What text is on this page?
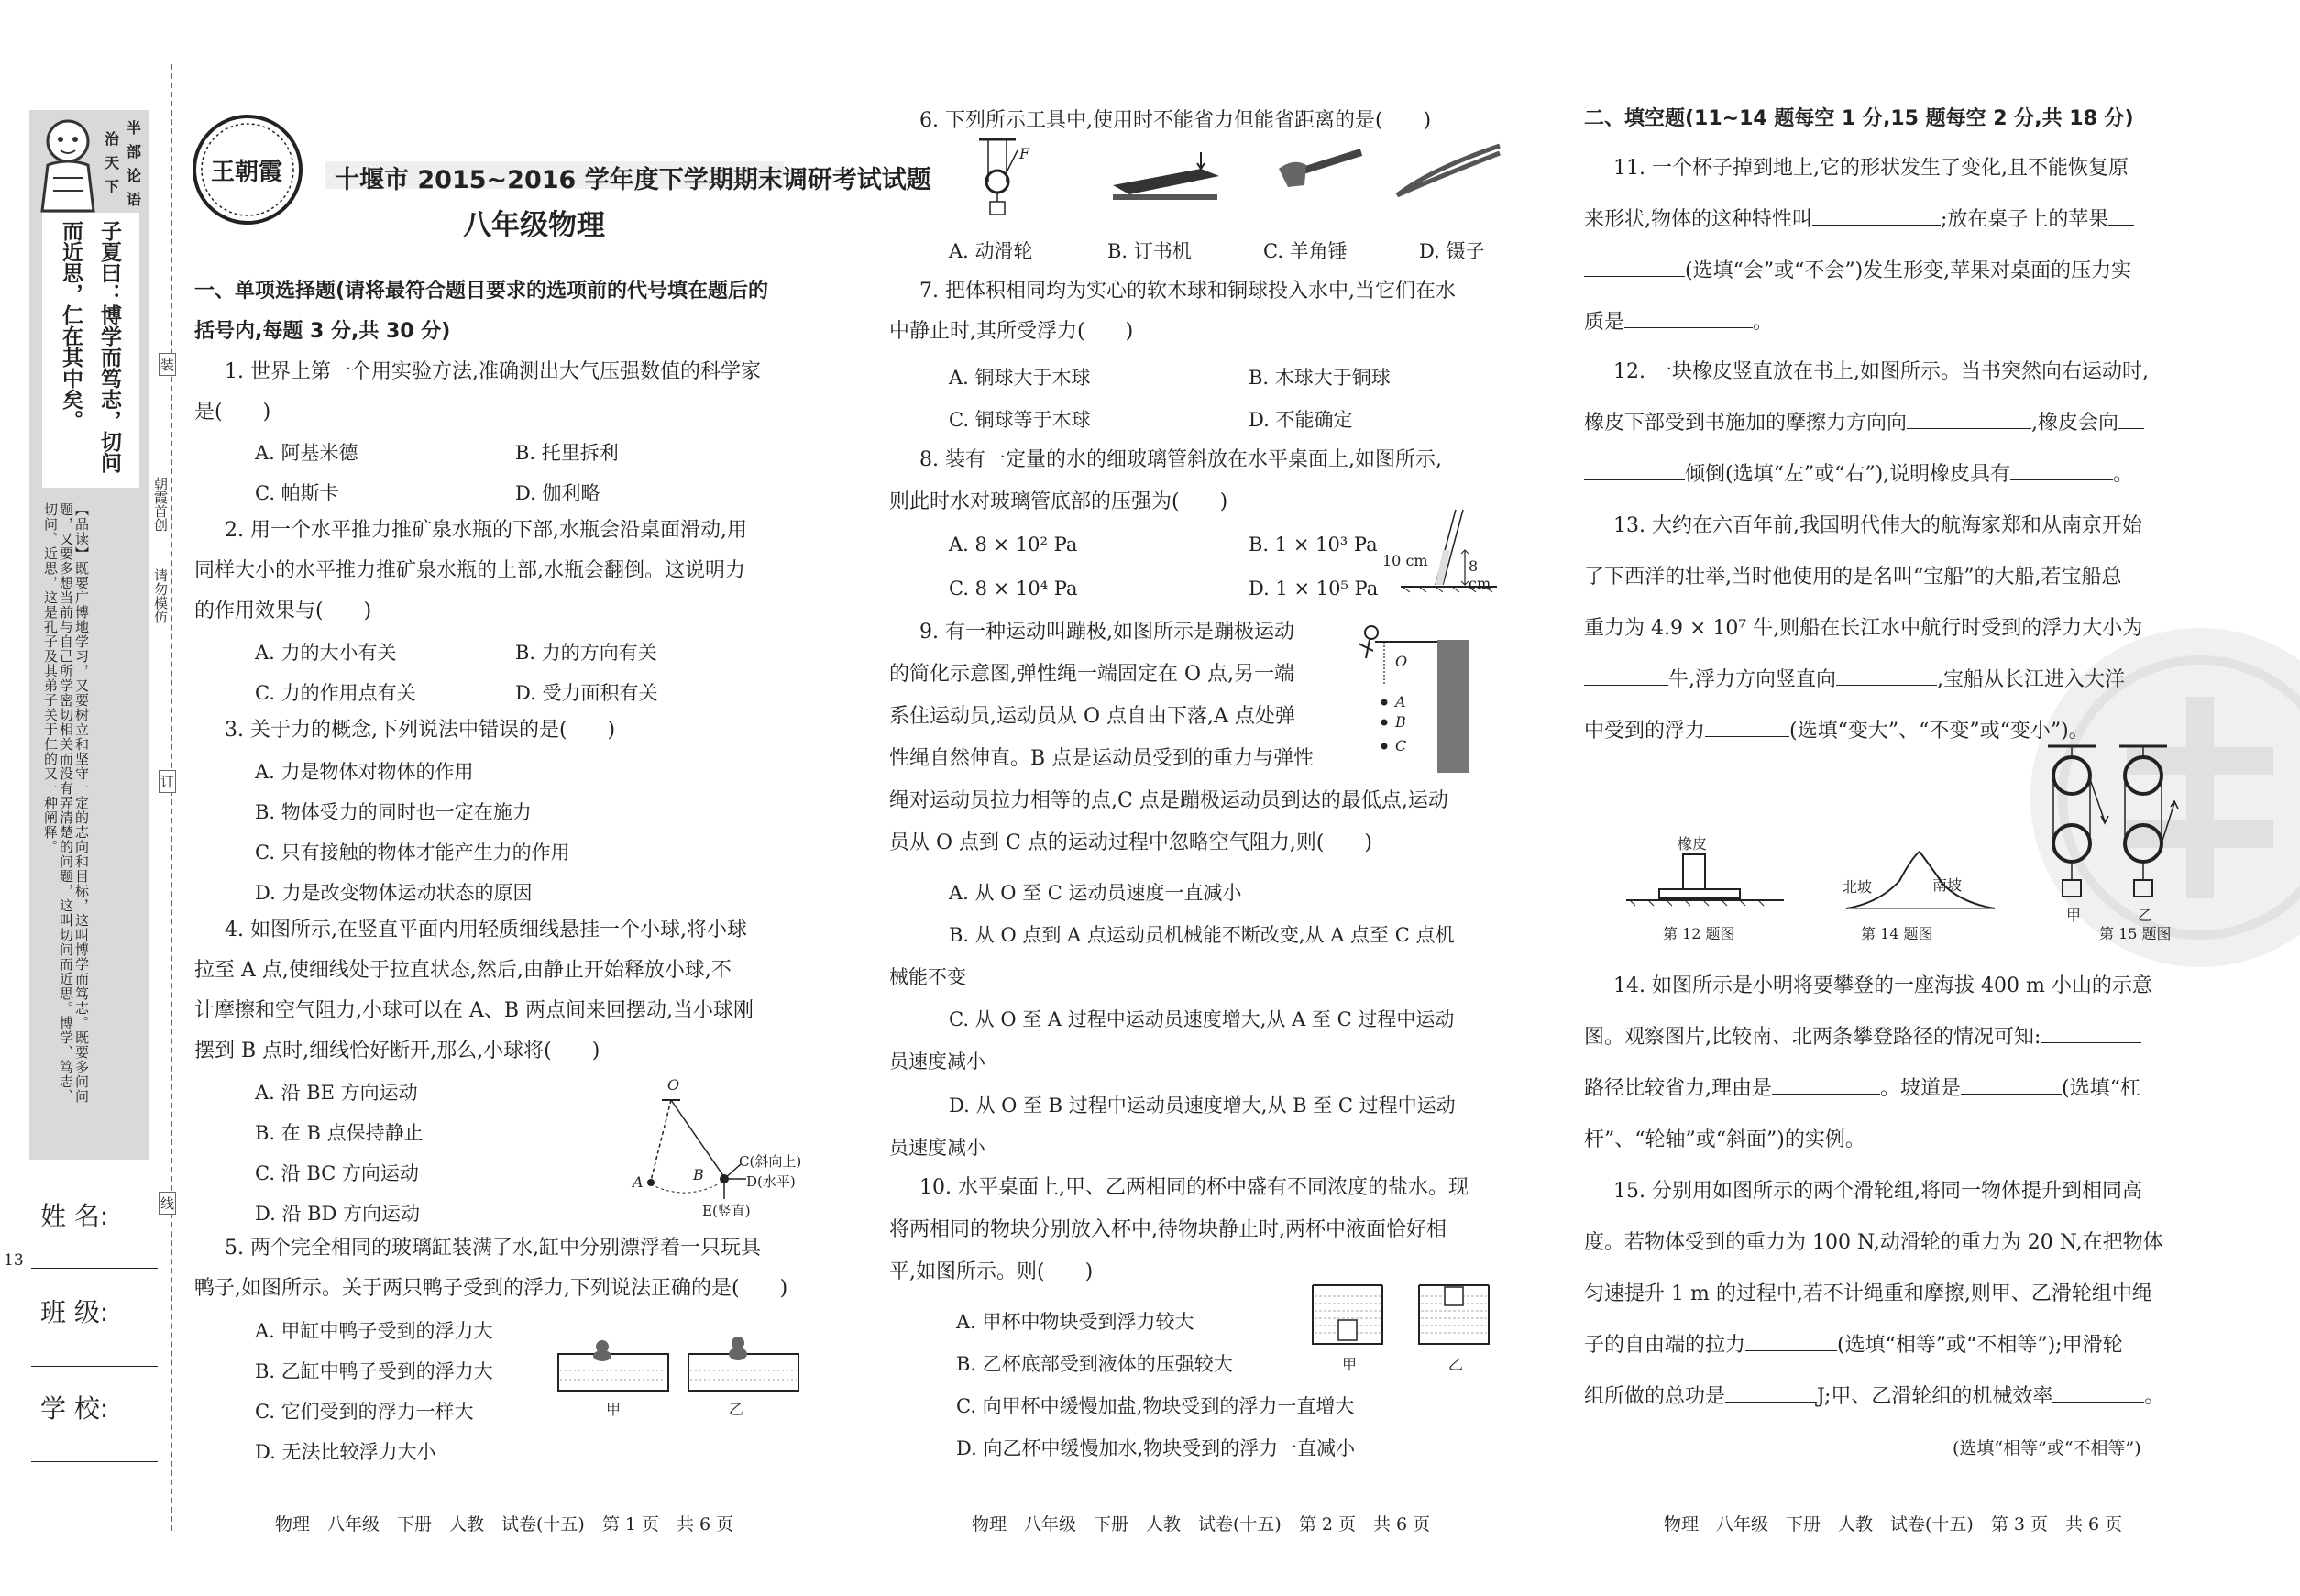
半
部
论
语
治
天
下
子夏曰：博学而笃志，切问而近思，仁在其中矣。
【品读】既要广博地学习，又要树立和坚守一定的志向和目标，这叫博学而笃志。既要多问问题，又要多想当前与自己所学密切相关而没有弄清楚的问题，这叫切问而近思。博学、笃志、切问、近思，这是孔子及其弟子关于仁的又一种阐释。
姓 名:
13
班 级:
学 校:
装
订
线
朝霞首创
请勿模仿
王朝霞 十堰市 2015~2016 学年度下学期期末调研考试试题
八年级物理
一、单项选择题(请将最符合题目要求的选项前的代号填在题后的
括号内,每题 3 分,共 30 分)
1. 世界上第一个用实验方法,准确测出大气压强数值的科学家
是(　　)
A. 阿基米德	B. 托里拆利
C. 帕斯卡	D. 伽利略
2. 用一个水平推力推矿泉水瓶的下部,水瓶会沿桌面滑动,用
同样大小的水平推力推矿泉水瓶的上部,水瓶会翻倒。这说明力
的作用效果与(　　)
A. 力的大小有关	B. 力的方向有关
C. 力的作用点有关	D. 受力面积有关
3. 关于力的概念,下列说法中错误的是(　　)
A. 力是物体对物体的作用
B. 物体受力的同时也一定在施力
C. 只有接触的物体才能产生力的作用
D. 力是改变物体运动状态的原因
4. 如图所示,在竖直平面内用轻质细线悬挂一个小球,将小球
拉至 A 点,使细线处于拉直状态,然后,由静止开始释放小球,不
计摩擦和空气阻力,小球可以在 A、B 两点间来回摆动,当小球刚
摆到 B 点时,细线恰好断开,那么,小球将(　　)
A. 沿 BE 方向运动
B. 在 B 点保持静止
C. 沿 BC 方向运动
D. 沿 BD 方向运动
O
A	B
C(斜向上)
D(水平)
E(竖直)
5. 两个完全相同的玻璃缸装满了水,缸中分别漂浮着一只玩具
鸭子,如图所示。关于两只鸭子受到的浮力,下列说法正确的是(　　)
A. 甲缸中鸭子受到的浮力大
B. 乙缸中鸭子受到的浮力大
C. 它们受到的浮力一样大
D. 无法比较浮力大小
甲	乙
6. 下列所示工具中,使用时不能省力但能省距离的是(　　)
F
A. 动滑轮	B. 订书机	C. 羊角锤	D. 镊子
7. 把体积相同均为实心的软木球和铜球投入水中,当它们在水
中静止时,其所受浮力(　　)
A. 铜球大于木球	B. 木球大于铜球
C. 铜球等于木球	D. 不能确定
8. 装有一定量的水的细玻璃管斜放在水平桌面上,如图所示,
则此时水对玻璃管底部的压强为(　　)
A. 8 × 10² Pa	B. 1 × 10³ Pa
C. 8 × 10⁴ Pa	D. 1 × 10⁵ Pa
10 cm	8 cm
9. 有一种运动叫蹦极,如图所示是蹦极运动
的简化示意图,弹性绳一端固定在 O 点,另一端
系住运动员,运动员从 O 点自由下落,A 点处弹
性绳自然伸直。B 点是运动员受到的重力与弹性
绳对运动员拉力相等的点,C 点是蹦极运动员到达的最低点,运动
员从 O 点到 C 点的运动过程中忽略空气阻力,则(　　)
O
A
B
C
A. 从 O 至 C 运动员速度一直减小
B. 从 O 点到 A 点运动员机械能不断改变,从 A 点至 C 点机
械能不变
C. 从 O 至 A 过程中运动员速度增大,从 A 至 C 过程中运动
员速度减小
D. 从 O 至 B 过程中运动员速度增大,从 B 至 C 过程中运动
员速度减小
10. 水平桌面上,甲、乙两相同的杯中盛有不同浓度的盐水。现
将两相同的物块分别放入杯中,待物块静止时,两杯中液面恰好相
平,如图所示。则(　　)
A. 甲杯中物块受到浮力较大
B. 乙杯底部受到液体的压强较大
C. 向甲杯中缓慢加盐,物块受到的浮力一直增大
D. 向乙杯中缓慢加水,物块受到的浮力一直减小
甲	乙
二、填空题(11~14 题每空 1 分,15 题每空 2 分,共 18 分)
11. 一个杯子掉到地上,它的形状发生了变化,且不能恢复原
来形状,物体的这种特性叫	;放在桌子上的苹果
(选填“会”或“不会”)发生形变,苹果对桌面的压力实
质是	。
12. 一块橡皮竖直放在书上,如图所示。当书突然向右运动时,
橡皮下部受到书施加的摩擦力方向向	,橡皮会向
倾倒(选填“左”或“右”),说明橡皮具有	。
13. 大约在六百年前,我国明代伟大的航海家郑和从南京开始
了下西洋的壮举,当时他使用的是名叫“宝船”的大船,若宝船总
重力为 4.9 × 10⁷ 牛,则船在长江水中航行时受到的浮力大小为
牛,浮力方向竖直向	,宝船从长江进入大洋
中受到的浮力	(选填“变大”、“不变”或“变小”)。
橡皮
第 12 题图
北坡	南坡
第 14 题图
甲	乙
第 15 题图
14. 如图所示是小明将要攀登的一座海拔 400 m 小山的示意
图。观察图片,比较南、北两条攀登路径的情况可知:
路径比较省力,理由是	。坡道是	(选填“杠
杆”、“轮轴”或“斜面”)的实例。
15. 分别用如图所示的两个滑轮组,将同一物体提升到相同高
度。若物体受到的重力为 100 N,动滑轮的重力为 20 N,在把物体
匀速提升 1 m 的过程中,若不计绳重和摩擦,则甲、乙滑轮组中绳
子的自由端的拉力	(选填“相等”或“不相等”);甲滑轮
组所做的总功是	J;甲、乙滑轮组的机械效率	。
(选填“相等”或“不相等”)
物理　八年级　下册　人教　试卷(十五)　第 1 页　共 6 页	物理　八年级　下册　人教　试卷(十五)　第 2 页　共 6 页	物理　八年级　下册　人教　试卷(十五)　第 3 页　共 6 页
